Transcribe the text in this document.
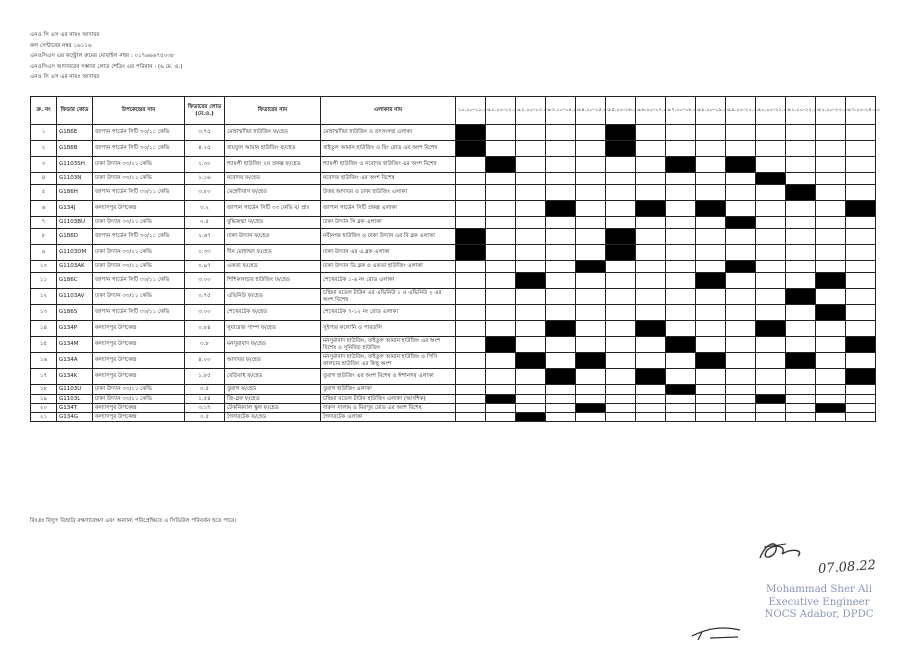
এনও সি এস এর নামঃ আদাবর
কল সেন্টারের নম্বর ১৬১১৬
এনওসিএস এর কন্ট্রোল রুমের মোবাইল নম্বর : ০১৭৬৬৬৭৫০৩৮
এনওসিএস আদাবরের সম্ভাব্য লোড শেডিং এর পরিমান : (৬ মে. ও.)
এনও সি এস এর নামঃ আদাবর
ক্র. নং	ফিডার কোড	উপকেন্দ্রের নাম	ফিডারের লোড (মে.ও.)	ফিডারের নাম	এলাকার নাম	১০.০০-১১.০০	১১.০০-১২.০০	১২.০০-১৩.০০	১৩.০০-১৪.০০	১৪.০০-১৫.০০	১৫.০০-১৬.০০	১৬.০০-১৭.০০	১৭.০০-১৮.০০	১৮.০০-১৯.০০	১৯.০০-২০.০০	২০.০০-২১.০০	২১.০০-২২.০০	২২.০০-২৩.০০	২৩.০০-২৪.০০
১	G186E	জাপান গার্ডেন সিটি ৩৩/১১ কেভি	৩.৭৫	মোহাম্মদীয়া হাউজিং ফ/হেড	মোহাম্মদীয়া হাউজিং ও তৎসংলগ্ন এলাকা														
২	G186B	জাপান গার্ডেন সিটি ৩৩/১১ কেভি	৪.২৫	বায়তুল আমান হাউজিং ফ/হেড	বাইতুল আমান হাউজিং ও রিং রোড এর অংশ বিশেষ														
৩	G1103SH	ঢাকা উদ্যান ৩৩/১১ কেভি	২.৩০	শ্যামলী হাউজিং ২য় প্রকল্প ফ/হেড	শ্যামলী হাউজিং ও নবোদয় হাউজিং এর অংশ বিশেষ														
৪	G1103N	ঢাকা উদ্যান ৩৩/১১ কেভি	১.১৬	নবোদয় ফ/হেড	নবোদয় হাউজিং এর অংশ বিশেষ														
৫	G186H	জাপান গার্ডেন সিটি ৩৩/১১ কেভি	৩.৮০	মেহেদীবাগ ফ/হেড	উত্তর আদাবর ও ঢাকা হাউজিং এলাকা														
৬	G134J	কল্যাণপুর উপকেন্দ্র	৩.২	জাপান গার্ডেন সিটি ৩৩ কেভি ম/ প্রাঃ	জাপান গার্ডেন সিটি প্রকল্প এলাকা														
৭	G1103BU	ঢাকা উদ্যান ৩৩/১১ কেভি	০.৫	বুদ্ধিজম্মা ফ/হেড	ঢাকা উদ্যান সি ব্লক এলাকা														
৮	G186D	জাপান গার্ডেন সিটি ৩৩/১১ কেভি	২.৬৭	ঢাকা উদ্যান ফ/হেড	নবীনগর হাউজিং ও ঢাকা উদ্যান এর বি ব্লক এলাকা														
৯	G1103DM	ঢাকা উদ্যান ৩৩/১১ কেভি	০.৩৩	দীন মোহাম্মদ ফ/হেড	ঢাকা উদ্যান এর এ ব্লক এলাকা														
১০	G1103AK	ঢাকা উদ্যান ৩৩/১১ কেভি	০.৯৭	একতা ফ/হেড	ঢাকা উদ্যান ডি ব্লক ও একতা হাউজিং এলাকা														
১১	G186C	জাপান গার্ডেন সিটি ৩৩/১১ কেভি	৩.০০	শিশিকালচার হাউজিং ফ/হেড	শেখেরটেক ১-৬ নং রোড এলাকা														
১২	G1103AV	ঢাকা উদ্যান ৩৩/১১ কেভি	০.৭৫	এভিনিউ ফ/হেড	চন্দ্রিমা মডেল টাউন এর এভিনিউ ১ ও এভিনিউ ২ এর অংশ বিশেষ														
১৩	G186S	জাপান গার্ডেন সিটি ৩৩/১১ কেভি	৩.০০	শেখেরটেক ফ/হেড	শেখেরটেক ৭-১২ নং রোড এলাকা														
১৪	G134P	কল্যাণপুর উপকেন্দ্র	০.৮৪	সুয়ারেজ পাম্প ফ/হেড	সুইপার কলোনি ও পাবতলি														
১৫	G134M	কল্যাণপুর উপকেন্দ্র	৩.৮	মনসুরাবাদ ফ/হেড	মনসুরাবাদ হাউজিং, বাইতুল আমান হাউজিং এর অংশ বিশেষ ও সুনিবিড় হাউজিং														
১৬	G134A	কল্যাণপুর উপকেন্দ্র	৪.০০	আদাবর ফ/হেড	মনসুরাবাদ হাউজিং, বাইতুল আমান হাউজিং ও পিসি কালচার হাউজিং এর কিছু অংশ														
১৭	G134K	কল্যাণপুর উপকেন্দ্র	১.৮৫	বেড়িবাধ ফ/হেড	তুরাগ হাউজিং এর অংশ বিশেষ ও ঈশানগর এলাকা														
১৮	G1103U	ঢাকা উদ্যান ৩৩/১১ কেভি	০.৫	তুরাগ ফ/হেড	তুরাগ হাউজিং এলাকা														
১৯	G1103L	ঢাকা উদ্যান ৩৩/১১ কেভি	১.৫৪	জি-ব্লক ফ/হেড	চন্দ্রিমা মডেল টাউন হাউজিং এলাকা (আংশিক)														
২০	G134T	কল্যাণপুর উপকেন্দ্র	৩.১৭	টেকনিক্যাল স্কুল ফ/হেড	দারুস সালাম ও মিরপুর রোড এর অংশ বিশেষ														
২১	G134G	কল্যাণপুর উপকেন্দ্র	০.৫	গৈদারটেক ফ/হেড	গৈদারটেক এলাকা														
বিঃদ্রঃ বিদ্যুৎ বিভ্রাট/ রক্ষণাবেক্ষণ এবং অন্যান্য পরিপ্রেক্ষিতে এ সিডিউল পরিবর্তন হতে পারে।
07.08.22
Mohammad Sher Ali
Executive Engineer
NOCS Adabor, DPDC
